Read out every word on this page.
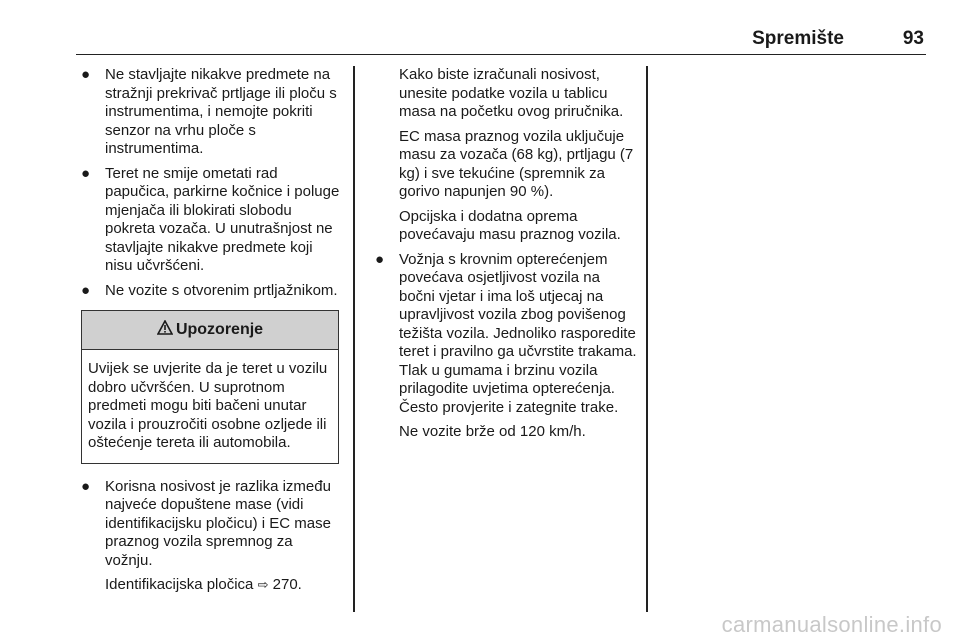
Spremište	93
● Ne stavljajte nikakve predmete na stražnji prekrivač prtljage ili ploču s instrumentima, i nemojte pokriti senzor na vrhu ploče s instrumentima.
● Teret ne smije ometati rad papučica, parkirne kočnice i poluge mjenjača ili blokirati slobodu pokreta vozača. U unutrašnjost ne stavljajte nikakve predmete koji nisu učvršćeni.
● Ne vozite s otvorenim prtljažnikom.
Upozorenje
Uvijek se uvjerite da je teret u vozilu dobro učvršćen. U suprotnom predmeti mogu biti bačeni unutar vozila i prouzročiti osobne ozljede ili oštećenje tereta ili automobila.
● Korisna nosivost je razlika između najveće dopuštene mase (vidi identifikacijsku pločicu) i EC mase praznog vozila spremnog za vožnju.
Identifikacijska pločica ⇨ 270.
Kako biste izračunali nosivost, unesite podatke vozila u tablicu masa na početku ovog priručnika.
EC masa praznog vozila uključuje masu za vozača (68 kg), prtljagu (7 kg) i sve tekućine (spremnik za gorivo napunjen 90 %).
Opcijska i dodatna oprema povećavaju masu praznog vozila.
● Vožnja s krovnim opterećenjem povećava osjetljivost vozila na bočni vjetar i ima loš utjecaj na upravljivost vozila zbog povišenog težišta vozila. Jednoliko rasporedite teret i pravilno ga učvrstite trakama. Tlak u gumama i brzinu vozila prilagodite uvjetima opterećenja. Često provjerite i zategnite trake.
Ne vozite brže od 120 km/h.
carmanualsonline.info
